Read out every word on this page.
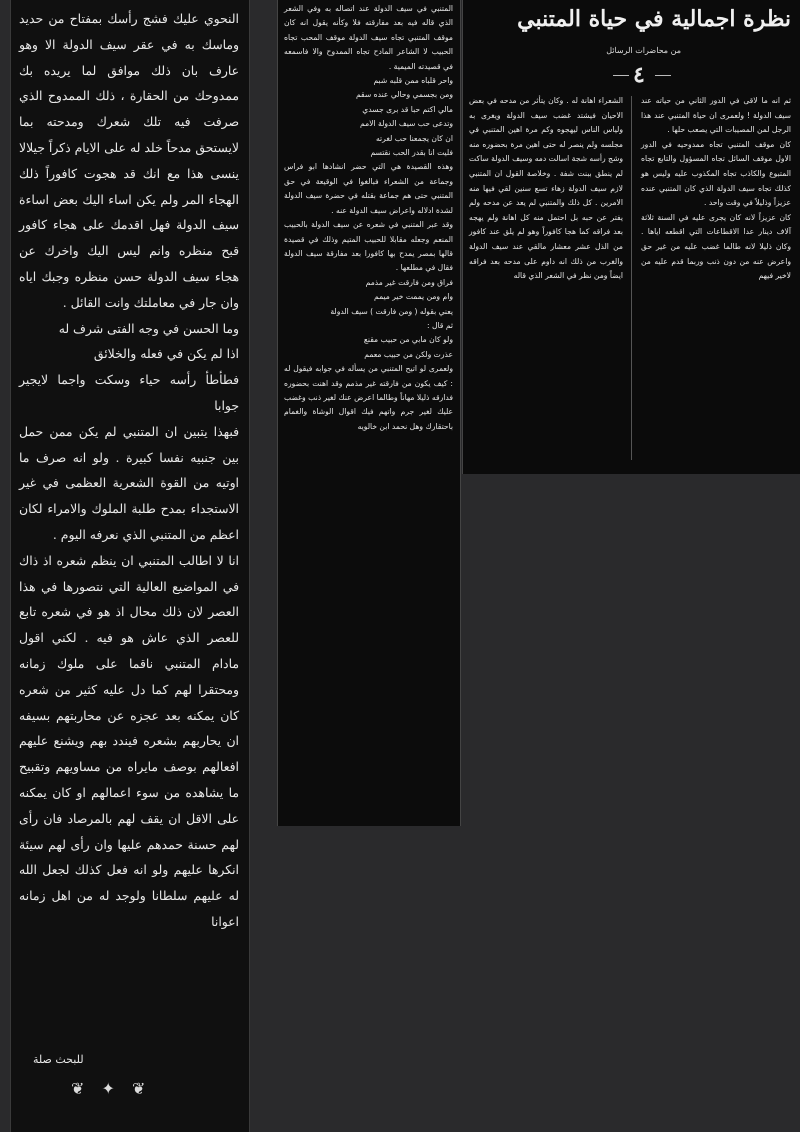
النحوي عليك فشج رأسك بمفتاح من حديد وماسك به في عقر سيف الدولة الا وهو عارف بان ذلك موافق لما يريده بك ممدوحك من الحقارة ، ذلك الممدوح الذي صرفت فيه تلك شعرك ومدحته بما لايستحق مدحاً خلد له على الايام ذكراً جيلالا ينسى هذا مع انك قد هجوت كافوراً ذلك الهجاء المر ولم يكن اساء اليك بعض اساءة سيف الدولة فهل اقدمك على هجاء كافور قبح منظره وانم ليس اليك واخرك عن هجاء سيف الدولة حسن منظره وجبك اياه وان جار في معاملتك وانت القائل .
وما الحسن في وجه الفتى شرف له
اذا لم يكن في فعله والخلائق
فطأطأ رأسه حياء وسكت واجما لايجير جوابا
فبهذا يتبين ان المتنبي لم يكن ممن حمل بين جنبيه نفسا كبيرة . ولو انه صرف ما اوتيه من القوة الشعرية العظمى في غير الاستجداء بمدح طلبة الملوك والامراء لكان اعظم من المتنبي الذي نعرفه اليوم .
انا لا اطالب المتنبي ان ينظم شعره اذ ذاك في المواضيع العالية التي نتصورها في هذا العصر لان ذلك محال اذ هو في شعره تابع للعصر الذي عاش هو فيه . لكني اقول مادام المتنبي ناقما على ملوك زمانه ومحتقرا لهم كما دل عليه كثير من شعره كان يمكنه بعد عجزه عن محاربتهم بسيفه ان يحاربهم بشعره فيندد بهم ويشنع عليهم افعالهم بوصف مايراه من مساويهم وتقبيح ما يشاهده من سوء اعمالهم او كان يمكنه على الاقل ان يقف لهم بالمرصاد فان رأى لهم حسنة حمدهم عليها وان رأى لهم سيئة انكرها عليهم ولو انه فعل كذلك لجعل الله له عليهم سلطانا ولوجد له من اهل زمانه اعوانا
للبحث صلة
❦ ✦ ❦
المتنبي في سيف الدولة عند اتصاله به وفي الشعر الذي قاله فيه بعد مفارقته فلا وكأنه يقول انه كان موقف المتنبي تجاه سيف الدولة موقف المحب تجاه الحبيب لا الشاعر المادح تجاه الممدوح والا فاسمعه في قصيدته الميمية .
واحر قلباه ممن قلبه شبم
ومن بجسمي وحالي عنده سقم
مالي اكتم حبا قد برى جسدي
وتدعى حب سيف الدولة الامم
ان كان يجمعنا حب لغرته
فليت انا بقدر الحب نقتسم
وهذه القصيدة هي التي حضر انشادها ابو فراس وجماعة من الشعراء فبالغوا في الوقيعة في حق المتنبي حتى هم جماعة بقتله في حضرة سيف الدولة لشدة ادلاله واعراض سيف الدولة عنه .
وقد عبر المتنبي في شعره عن سيف الدولة بالحبيب المنعم وجعله مقابلا للحبيب المتيم وذلك في قصيدة قالها بمصر يمدح بها كافورا بعد مفارقة سيف الدولة فقال في مطلعها .
فراق ومن فارقت غير مذمم
وام ومن يممت خير ميمم
يعني بقوله ( ومن فارقت ) سيف الدولة
ثم قال :
ولو كان مابي من حبيب مقنع
عذرت ولكن من حبيب معمم
ولعمرى لو اتيح المتنبي من يسأله في جوابه فيقول له : كيف يكون من فارقته غير مذمم وقد اهنت بحضوره فدارقه ذليلا مهاناً وطالما اعرض عنك لغير ذنب وغضب عليك لغير جرم واتهم فيك اقوال الوشاة والغمام باحتقارك وهل نحمد ابن خالويه
نظرة اجمالية في حياة المتنبي
من محاضرات الرسائل
٤
ثم انه ما لاقى في الدور الثاني من حياته عند سيف الدولة ! ولعمرى ان حياة المتنبي عند هذا الرجل لمن المصيبات التي يصعب حلها .
كان موقف المتنبي تجاه ممدوحيه في الدور الاول موقف السائل تجاه المسؤول والتابع تجاه المتبوع والكاذب تجاه المكذوب عليه وليس هو كذلك تجاه سيف الدولة الذي كان المتنبي عنده عزيزاً وذليلاً في وقت واحد .
كان عزيزاً لانه كان يجرى عليه في السنة ثلاثة آلاف دينار عدا الاقطاعات التي اقطعه اياها . وكان ذليلا لانه طالما غضب عليه من غير حق واعرض عنه من دون ذنب وربما قدم عليه من لاخير فيهم
الشعراء اهانة له . وكان يتأثر من مدحه في بعض الاحيان فيشتد غضب سيف الدولة ويغرى به ولياس الناس ليهجوه وكم مرة اهين المتنبي في مجلسه ولم ينصر له حتى اهين مرة بحضوره منه وشج رأسه شجة اسالت دمه وسيف الدولة ساكت لم ينطق ببنت شفة . وخلاصة القول ان المتنبي لازم سيف الدولة زهاء تسع سنين لقي فيها منه الامرين . كل ذلك والمتنبي لم يعد عن مدحه ولم يفتر عن حبه بل احتمل منه كل اهانة ولم يهجه بعد فراقه كما هجا كافوراً وهو لم يلق عند كافور من الذل عشر معشار مالقي عند سيف الدولة والغرب من ذلك انه داوم على مدحه بعد فراقه ايضاً ومن نظر في الشعر الذي قاله
